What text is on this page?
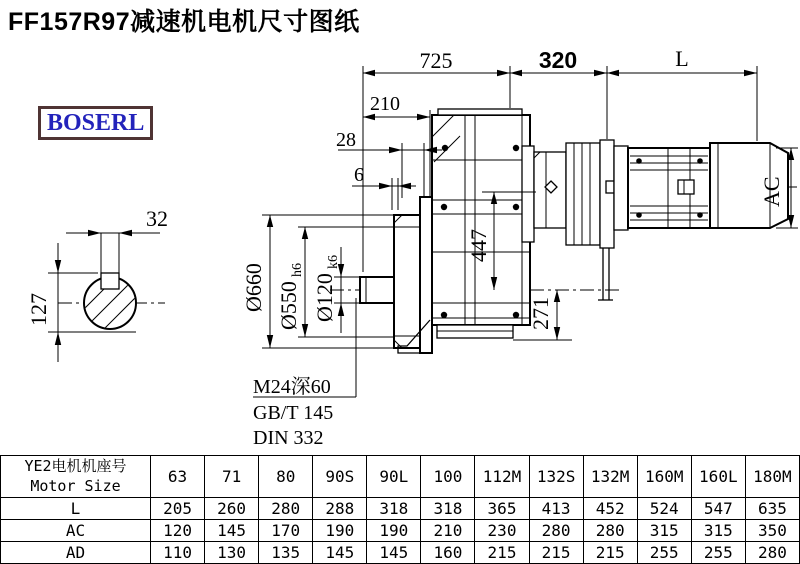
FF157R97减速机电机尺寸图纸
BOSERL
32
127
725	320	L
210
28
6
Ø660 Ø550
h6
Ø120
k6	447
271
AC
M24深60
GB/T 145
DIN 332
YE2电机机座号
Motor Size	63	71	80	90S	90L	100	112M	132S	132M	160M	160L	180M
L	205	260	280	288	318	318	365	413	452	524	547	635
AC	120	145	170	190	190	210	230	280	280	315	315	350
AD	110	130	135	145	145	160	215	215	215	255	255	280
